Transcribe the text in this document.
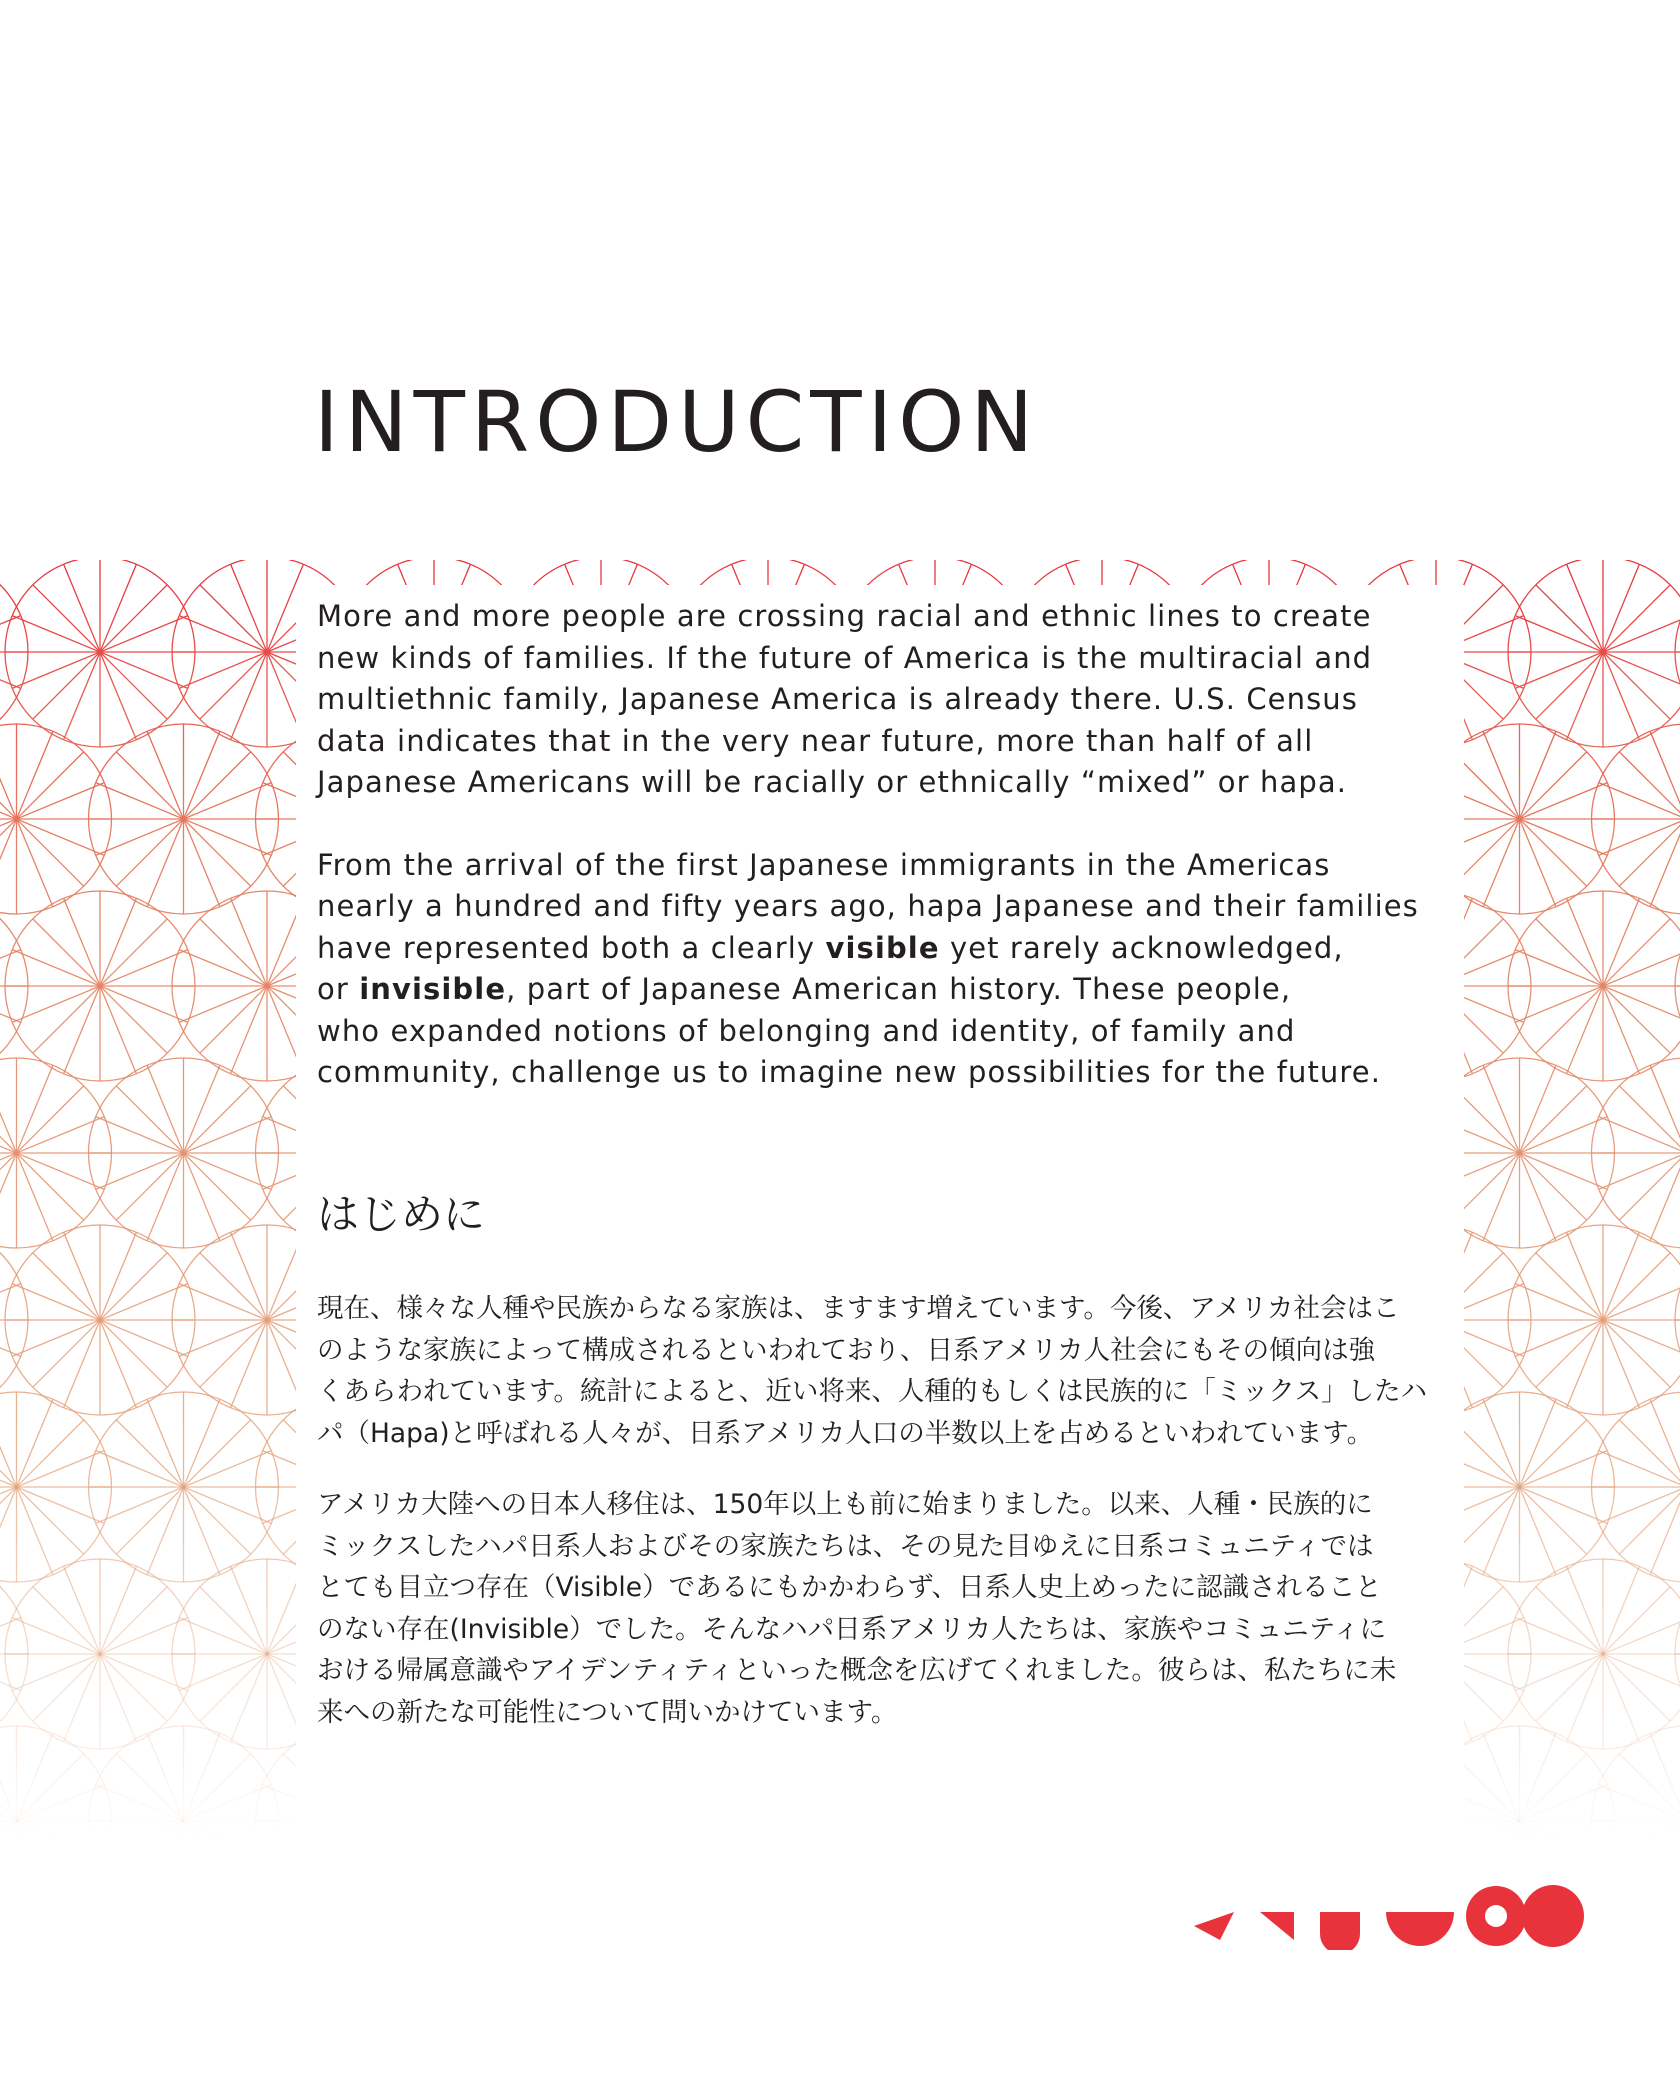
INTRODUCTION

More and more people are crossing racial and ethnic lines to create
new kinds of families. If the future of America is the multiracial and
multiethnic family, Japanese America is already there. U.S. Census
data indicates that in the very near future, more than half of all
Japanese Americans will be racially or ethnically “mixed” or hapa.

From the arrival of the first Japanese immigrants in the Americas
nearly a hundred and fifty years ago, hapa Japanese and their families
have represented both a clearly visible yet rarely acknowledged,
or invisible, part of Japanese American history. These people,
who expanded notions of belonging and identity, of family and
community, challenge us to imagine new possibilities for the future.

はじめに

現在、様々な人種や民族からなる家族は、ますます増えています。今後、アメリカ社会はこ
のような家族によって構成されるといわれており、日系アメリカ人社会にもその傾向は強
くあらわれています。統計によると、近い将来、人種的もしくは民族的に「ミックス」したハ
パ（Hapa)と呼ばれる人々が、日系アメリカ人口の半数以上を占めるといわれています。

アメリカ大陸への日本人移住は、150年以上も前に始まりました。以来、人種・民族的に
ミックスしたハパ日系人およびその家族たちは、その見た目ゆえに日系コミュニティでは
とても目立つ存在（Visible）であるにもかかわらず、日系人史上めったに認識されること
のない存在(Invisible）でした。そんなハパ日系アメリカ人たちは、家族やコミュニティに
おける帰属意識やアイデンティティといった概念を広げてくれました。彼らは、私たちに未
来への新たな可能性について問いかけています。
